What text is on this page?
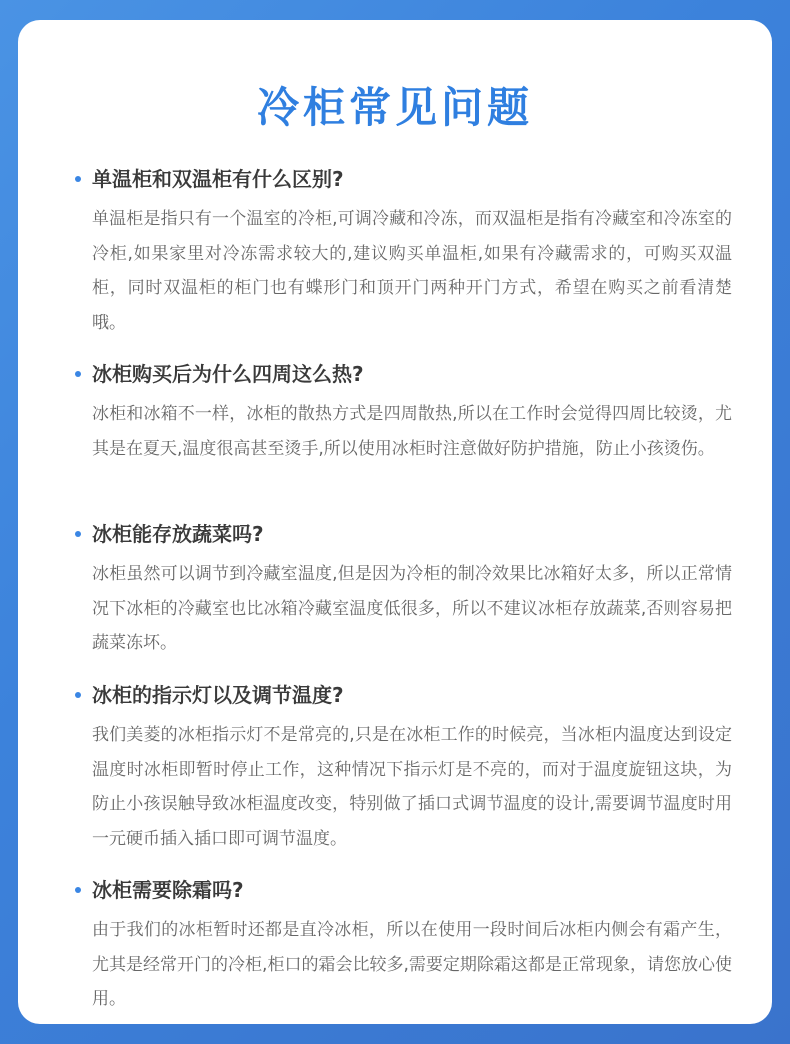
冷柜常见问题

单温柜和双温柜有什么区别?

单温柜是指只有一个温室的冷柜,可调冷藏和冷冻，而双温柜是指有冷藏室和冷冻室的冷柜,如果家里对冷冻需求较大的,建议购买单温柜,如果有冷藏需求的，可购买双温柜，同时双温柜的柜门也有蝶形门和顶开门两种开门方式，希望在购买之前看清楚哦。

冰柜购买后为什么四周这么热?

冰柜和冰箱不一样，冰柜的散热方式是四周散热,所以在工作时会觉得四周比较烫，尤其是在夏天,温度很高甚至烫手,所以使用冰柜时注意做好防护措施，防止小孩烫伤。

冰柜能存放蔬菜吗?

冰柜虽然可以调节到冷藏室温度,但是因为冷柜的制冷效果比冰箱好太多，所以正常情况下冰柜的冷藏室也比冰箱冷藏室温度低很多，所以不建议冰柜存放蔬菜,否则容易把蔬菜冻坏。

冰柜的指示灯以及调节温度?

我们美菱的冰柜指示灯不是常亮的,只是在冰柜工作的时候亮，当冰柜内温度达到设定温度时冰柜即暂时停止工作，这种情况下指示灯是不亮的，而对于温度旋钮这块，为防止小孩误触导致冰柜温度改变，特别做了插口式调节温度的设计,需要调节温度时用一元硬币插入插口即可调节温度。

冰柜需要除霜吗?

由于我们的冰柜暂时还都是直冷冰柜，所以在使用一段时间后冰柜内侧会有霜产生，尤其是经常开门的冷柜,柜口的霜会比较多,需要定期除霜这都是正常现象，请您放心使用。
